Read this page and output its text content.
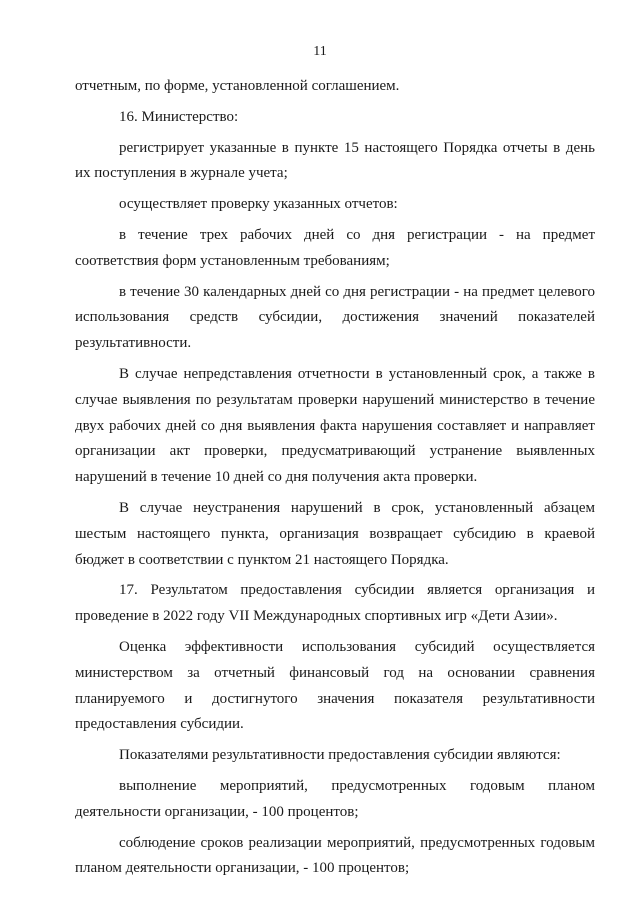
11

отчетным, по форме, установленной соглашением.

16. Министерство:

регистрирует указанные в пункте 15 настоящего Порядка отчеты в день их поступления в журнале учета;

осуществляет проверку указанных отчетов:

в течение трех рабочих дней со дня регистрации - на предмет соответствия форм установленным требованиям;

в течение 30 календарных дней со дня регистрации - на предмет целевого использования средств субсидии, достижения значений показателей результативности.

В случае непредставления отчетности в установленный срок, а также в случае выявления по результатам проверки нарушений министерство в течение двух рабочих дней со дня выявления факта нарушения составляет и направляет организации акт проверки, предусматривающий устранение выявленных нарушений в течение 10 дней со дня получения акта проверки.

В случае неустранения нарушений в срок, установленный абзацем шестым настоящего пункта, организация возвращает субсидию в краевой бюджет в соответствии с пунктом 21 настоящего Порядка.

17. Результатом предоставления субсидии является организация и проведение в 2022 году VII Международных спортивных игр «Дети Азии».

Оценка эффективности использования субсидий осуществляется министерством за отчетный финансовый год на основании сравнения планируемого и достигнутого значения показателя результативности предоставления субсидии.

Показателями результативности предоставления субсидии являются:

выполнение мероприятий, предусмотренных годовым планом деятельности организации, - 100 процентов;

соблюдение сроков реализации мероприятий, предусмотренных годовым планом деятельности организации, - 100 процентов;
